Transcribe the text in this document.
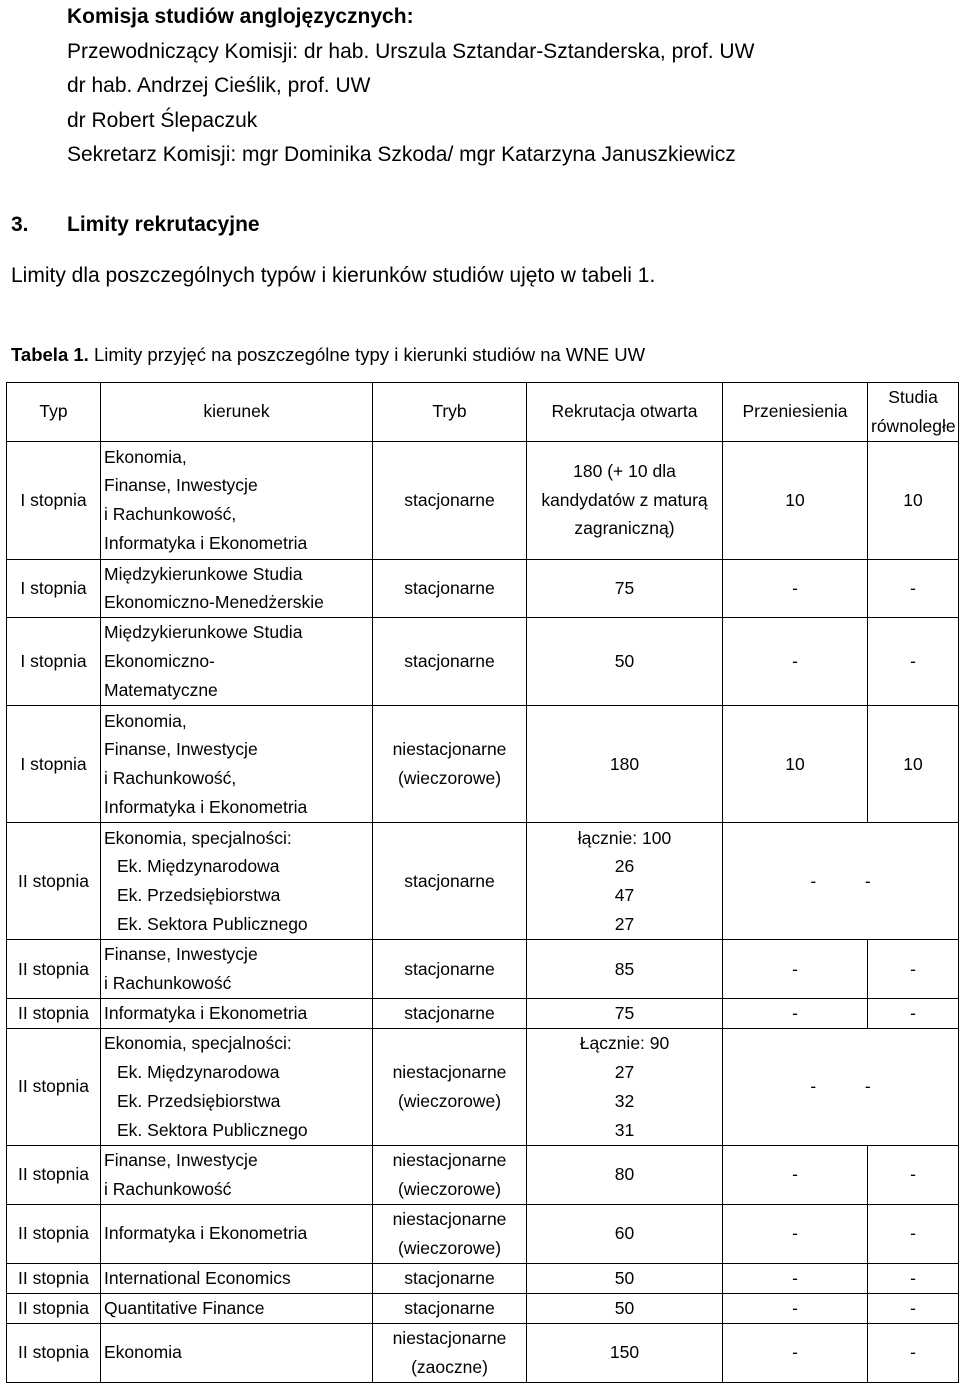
Komisja studiów anglojęzycznych:
Przewodniczący Komisji: dr hab. Urszula Sztandar-Sztanderska, prof. UW
dr hab. Andrzej Cieślik, prof. UW
dr Robert Ślepaczuk
Sekretarz Komisji: mgr Dominika Szkoda/ mgr Katarzyna Januszkiewicz
3. Limity rekrutacyjne
Limity dla poszczególnych typów i kierunków studiów ujęto w tabeli 1.
Tabela 1. Limity przyjęć na poszczególne typy i kierunki studiów na WNE UW
Typ	kierunek	Tryb	Rekrutacja otwarta	Przeniesienia	Studia
równoległe

I stopnia	Ekonomia,
Finanse, Inwestycje
i Rachunkowość,
Informatyka i Ekonometria	stacjonarne	180 (+ 10 dla
kandydatów z maturą
zagraniczną)	10	10
I stopnia	Międzykierunkowe Studia
Ekonomiczno-Menedżerskie	stacjonarne	75	-	-
I stopnia	Międzykierunkowe Studia
Ekonomiczno-
Matematyczne	stacjonarne	50	-	-
I stopnia	Ekonomia,
Finanse, Inwestycje
i Rachunkowość,
Informatyka i Ekonometria	niestacjonarne
(wieczorowe)	180	10	10
II stopnia	Ekonomia, specjalności:
Ek. Międzynarodowa
Ek. Przedsiębiorstwa
Ek. Sektora Publicznego	stacjonarne	łącznie: 100
26
47
27	- -	
II stopnia	Finanse, Inwestycje
i Rachunkowość	stacjonarne	85	-	-
II stopnia	Informatyka i Ekonometria	stacjonarne	75	-	-
II stopnia	Ekonomia, specjalności:
Ek. Międzynarodowa
Ek. Przedsiębiorstwa
Ek. Sektora Publicznego	niestacjonarne
(wieczorowe)	Łącznie: 90
27
32
31	- -	
II stopnia	Finanse, Inwestycje
i Rachunkowość	niestacjonarne
(wieczorowe)	80	-	-
II stopnia	Informatyka i Ekonometria	niestacjonarne
(wieczorowe)	60	-	-
II stopnia	International Economics	stacjonarne	50	-	-
II stopnia	Quantitative Finance	stacjonarne	50	-	-
II stopnia	Ekonomia	niestacjonarne
(zaoczne)	150	-	-
